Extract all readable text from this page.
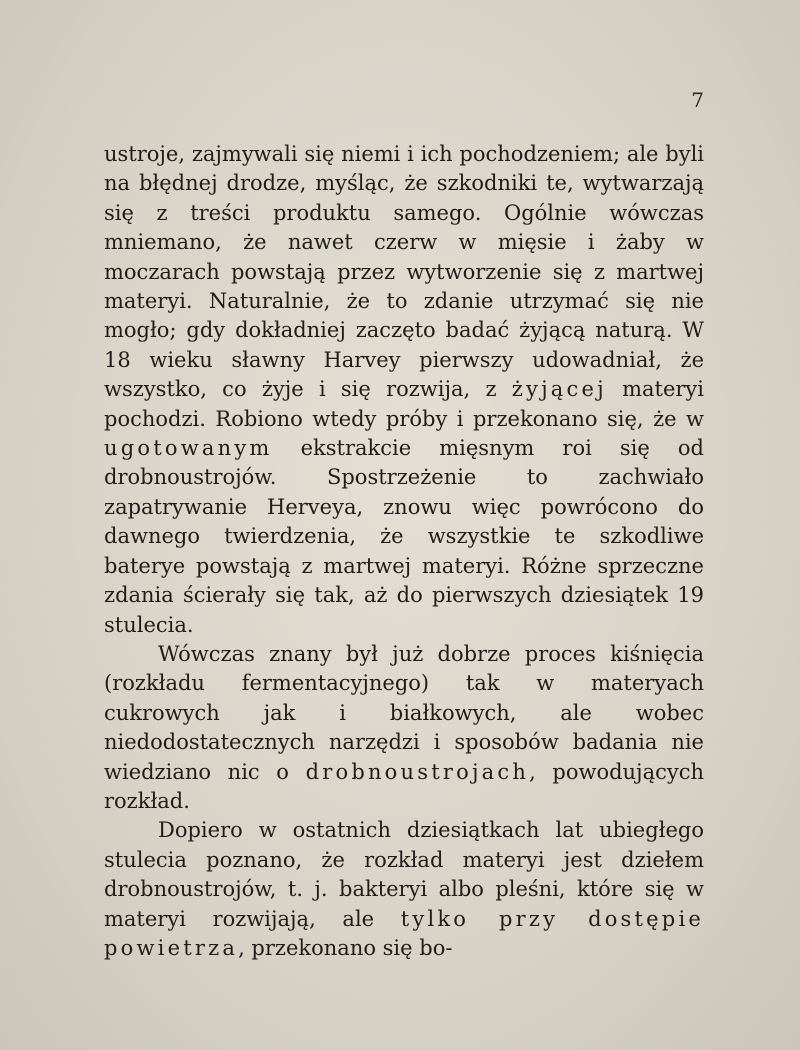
7

ustroje, zajmywali się niemi i ich pochodzeniem; ale byli na błędnej drodze, myśląc, że szkodniki te, wytwarzają się z treści produktu samego. Ogólnie wówczas mniemano, że nawet czerw w mięsie i żaby w moczarach powstają przez wytworzenie się z martwej materyi. Naturalnie, że to zdanie utrzymać się nie mogło; gdy dokładniej zaczęto badać żyjącą naturą. W 18 wieku sławny Harvey pierwszy udowadniał, że wszystko, co żyje i się rozwija, z żyjącej materyi pochodzi. Robiono wtedy próby i przekonano się, że w ugotowanym ekstrakcie mięsnym roi się od drobnoustrojów. Spostrzeżenie to zachwiało zapatrywanie Herveya, znowu więc powrócono do dawnego twierdzenia, że wszystkie te szkodliwe bateryе powstają z martwej materyi. Różne sprzeczne zdania ścierały się tak, aż do pierwszych dziesiątek 19 stulecia.

Wówczas znany był już dobrze proces kiśnięcia (rozkładu fermentacyjnego) tak w materyach cukrowych jak i białkowych, ale wobec niedodostatecznych narzędzi i sposobów badania nie wiedziano nic o drobnoustrojach, powodujących rozkład.

Dopiero w ostatnich dziesiątkach lat ubiegłego stulecia poznano, że rozkład materyi jest dziełem drobnoustrojów, t. j. bakteryi albo pleśni, które się w materyi rozwijają, ale tylko przy dostępie powietrza, przekonano się bo-
